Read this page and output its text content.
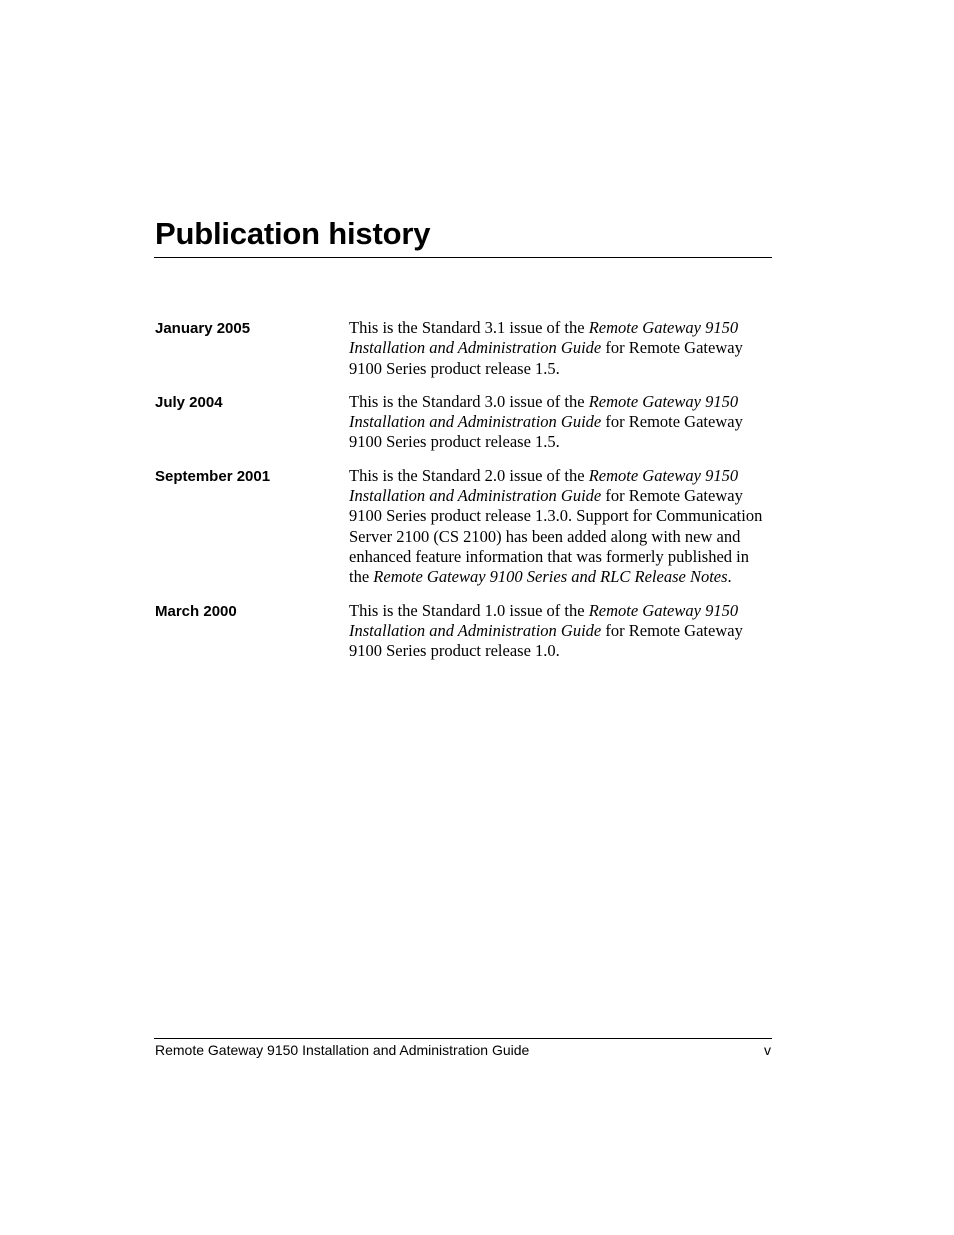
Publication history
January 2005	This is the Standard 3.1 issue of the Remote Gateway 9150 Installation and Administration Guide for Remote Gateway 9100 Series product release 1.5.

July 2004	This is the Standard 3.0 issue of the Remote Gateway 9150 Installation and Administration Guide for Remote Gateway 9100 Series product release 1.5.

September 2001	This is the Standard 2.0 issue of the Remote Gateway 9150 Installation and Administration Guide for Remote Gateway 9100 Series product release 1.3.0. Support for Communication Server 2100 (CS 2100) has been added along with new and enhanced feature information that was formerly published in the Remote Gateway 9100 Series and RLC Release Notes.

March 2000	This is the Standard 1.0 issue of the Remote Gateway 9150 Installation and Administration Guide for Remote Gateway 9100 Series product release 1.0.

Remote Gateway 9150 Installation and Administration Guide	v
